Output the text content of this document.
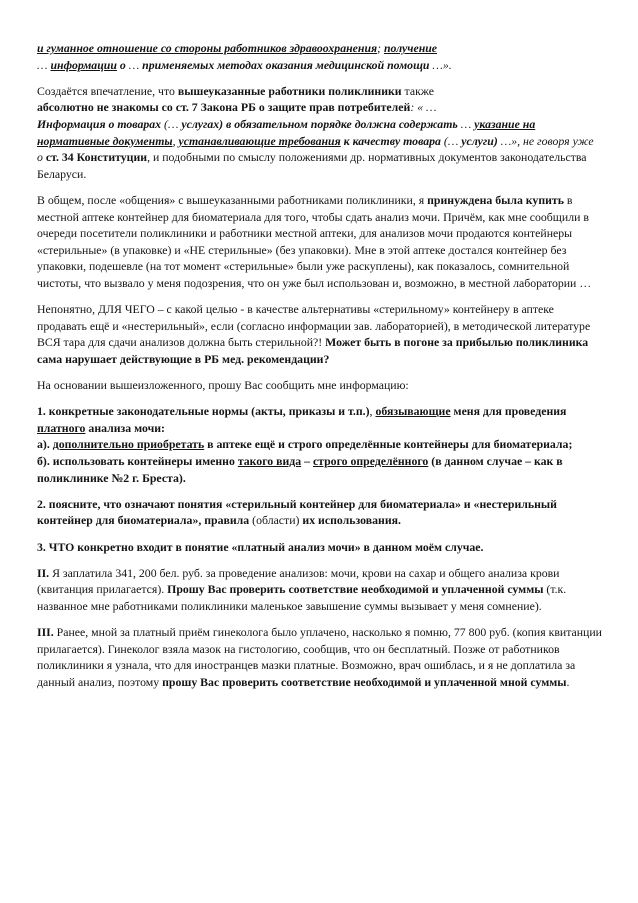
и гуманное отношение со стороны работников здравоохранения; получение
… информации о … применяемых методах оказания медицинской помощи …».

Создаётся впечатление, что вышеуказанные работники поликлиники также
абсолютно не знакомы со ст. 7 Закона РБ о защите прав потребителей: « …
Информация о товарах (… услугах) в обязательном порядке должна содержать … указание на нормативные документы, устанавливающие требования к качеству товара (… услуги) …», не говоря уже о ст. 34 Конституции, и подобными по смыслу положениями др. нормативных документов законодательства Беларуси.

В общем, после «общения» с вышеуказанными работниками поликлиники, я принуждена была купить в местной аптеке контейнер для биоматериала для того, чтобы сдать анализ мочи. Причём, как мне сообщили в очереди посетители поликлиники и работники местной аптеки, для анализов мочи продаются контейнеры «стерильные» (в упаковке) и «НЕ стерильные» (без упаковки). Мне в этой аптеке достался контейнер без упаковки, подешевле (на тот момент «стерильные» были уже раскуплены), как показалось, сомнительной чистоты, что вызвало у меня подозрения, что он уже был использован и, возможно, в местной лаборатории …

Непонятно, ДЛЯ ЧЕГО – с какой целью - в качестве альтернативы «стерильному» контейнеру в аптеке продавать ещё и «нестерильный», если (согласно информации зав. лабораторией), в методической литературе ВСЯ тара для сдачи анализов должна быть стерильной?! Может быть в погоне за прибылью поликлиника сама нарушает действующие в РБ мед. рекомендации?

На основании вышеизложенного, прошу Вас сообщить мне информацию:

1. конкретные законодательные нормы (акты, приказы и т.п.), обязывающие меня для проведения платного анализа мочи:
а). дополнительно приобретать в аптеке ещё и строго определённые контейнеры для биоматериала;
б). использовать контейнеры именно такого вида – строго определённого (в данном случае – как в поликлинике №2 г. Бреста).

2. поясните, что означают понятия «стерильный контейнер для биоматериала» и «нестерильный контейнер для биоматериала», правила (области) их использования.

3. ЧТО конкретно входит в понятие «платный анализ мочи» в данном моём случае.

II. Я заплатила 341, 200 бел. руб. за проведение анализов: мочи, крови на сахар и общего анализа крови (квитанция прилагается). Прошу Вас проверить соответствие необходимой и уплаченной суммы (т.к. названное мне работниками поликлиники маленькое завышение суммы вызывает у меня сомнение).

III. Ранее, мной за платный приём гинеколога было уплачено, насколько я помню, 77 800 руб. (копия квитанции прилагается). Гинеколог взяла мазок на гистологию, сообщив, что он бесплатный. Позже от работников поликлиники я узнала, что для иностранцев мазки платные. Возможно, врач ошиблась, и я не доплатила за данный анализ, поэтому прошу Вас проверить соответствие необходимой и уплаченной мной суммы.
